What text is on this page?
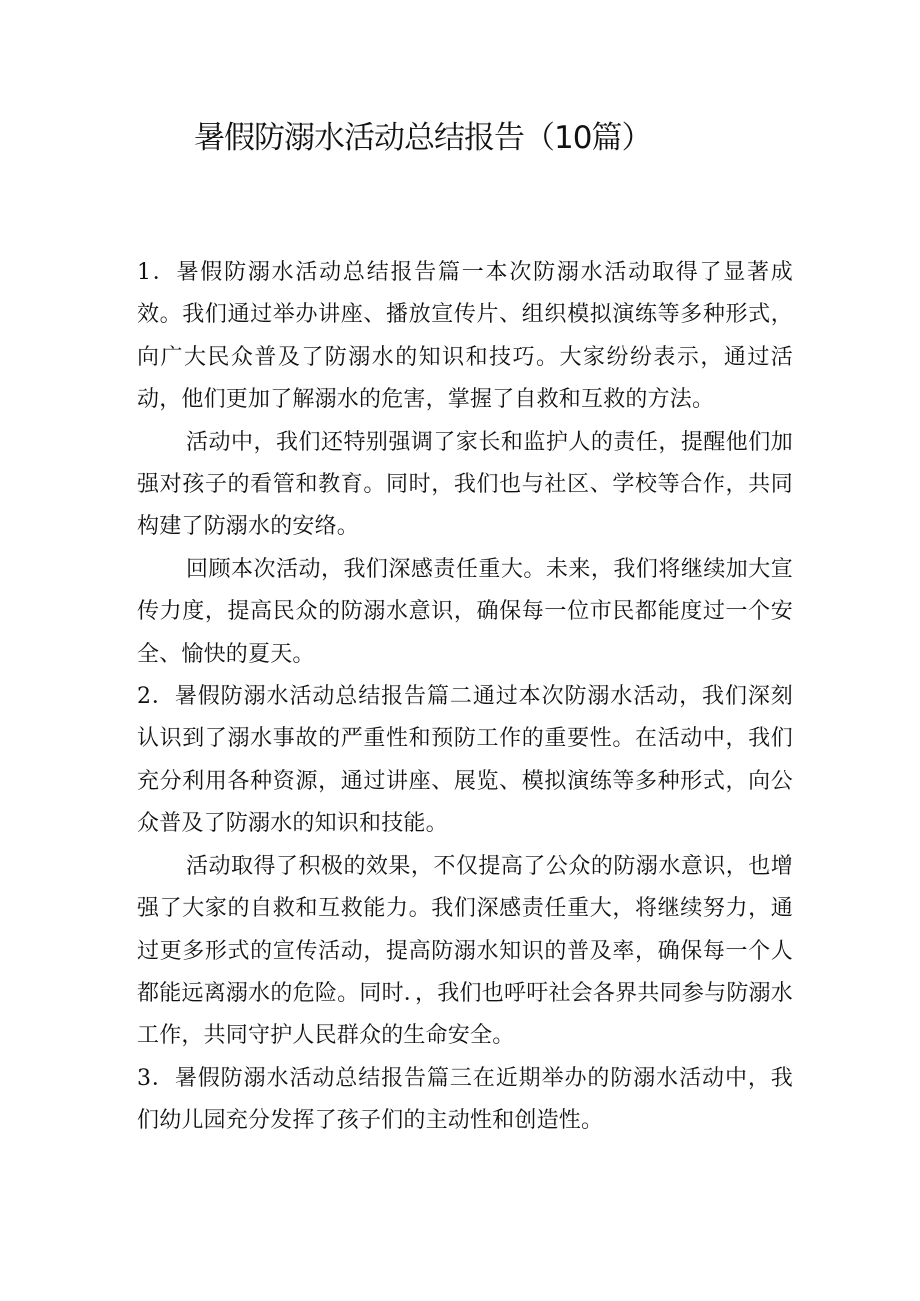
暑假防溺水活动总结报告（10篇）

1．暑假防溺水活动总结报告篇一本次防溺水活动取得了显著成效。我们通过举办讲座、播放宣传片、组织模拟演练等多种形式，向广大民众普及了防溺水的知识和技巧。大家纷纷表示，通过活动，他们更加了解溺水的危害，掌握了自救和互救的方法。

活动中，我们还特别强调了家长和监护人的责任，提醒他们加强对孩子的看管和教育。同时，我们也与社区、学校等合作，共同构建了防溺水的安络。

回顾本次活动，我们深感责任重大。未来，我们将继续加大宣传力度，提高民众的防溺水意识，确保每一位市民都能度过一个安全、愉快的夏天。

2．暑假防溺水活动总结报告篇二通过本次防溺水活动，我们深刻认识到了溺水事故的严重性和预防工作的重要性。在活动中，我们充分利用各种资源，通过讲座、展览、模拟演练等多种形式，向公众普及了防溺水的知识和技能。

活动取得了积极的效果，不仅提高了公众的防溺水意识，也增强了大家的自救和互救能力。我们深感责任重大，将继续努力，通过更多形式的宣传活动，提高防溺水知识的普及率，确保每一个人都能远离溺水的危险。同时．，我们也呼吁社会各界共同参与防溺水工作，共同守护人民群众的生命安全。

3．暑假防溺水活动总结报告篇三在近期举办的防溺水活动中，我们幼儿园充分发挥了孩子们的主动性和创造性。
